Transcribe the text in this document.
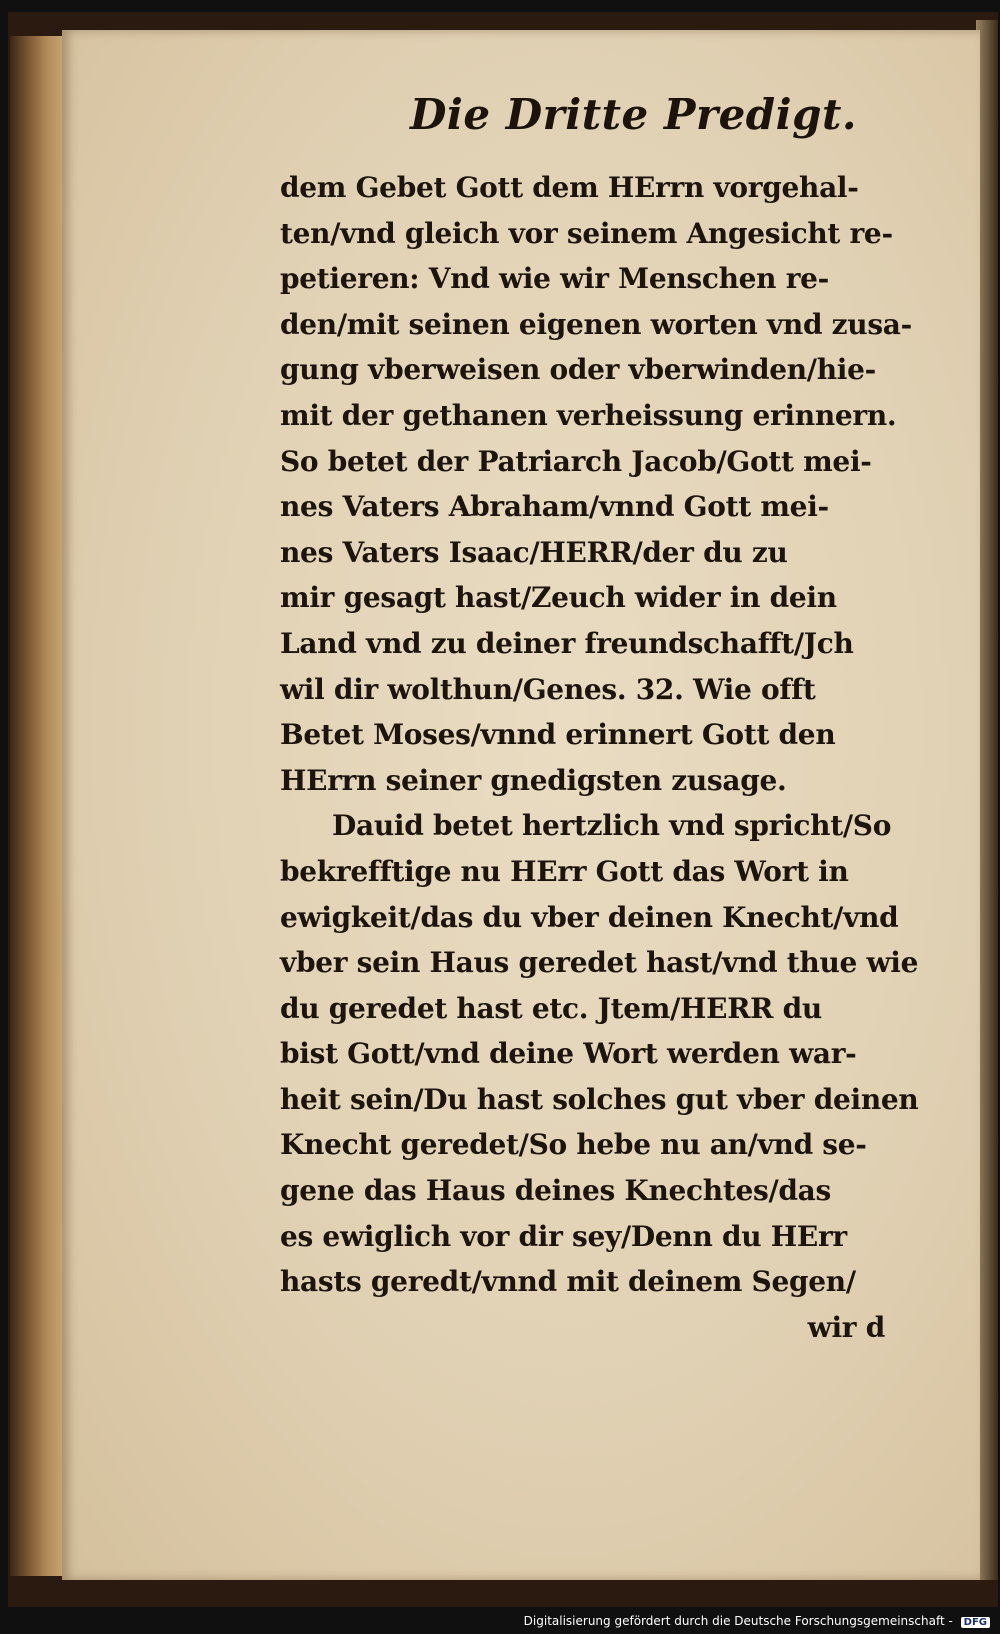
Die Dritte Predigt.
dem Gebet Gott dem HErrn vorgehal-
ten/vnd gleich vor seinem Angesicht re-
petieren: Vnd wie wir Menschen re-
den/mit seinen eigenen worten vnd zusa-
gung vberweisen oder vberwinden/hie-
mit der gethanen verheissung erinnern.
So betet der Patriarch Jacob/Gott mei-
nes Vaters Abraham/vnnd Gott mei-
nes Vaters Isaac/HERR/der du zu
mir gesagt hast/Zeuch wider in dein
Land vnd zu deiner freundschafft/Jch
wil dir wolthun/Genes. 32. Wie offt
Betet Moses/vnnd erinnert Gott den
HErrn seiner gnedigsten zusage.
Dauid betet hertzlich vnd spricht/So
bekrefftige nu HErr Gott das Wort in
ewigkeit/das du vber deinen Knecht/vnd
vber sein Haus geredet hast/vnd thue wie
du geredet hast etc. Jtem/HERR du
bist Gott/vnd deine Wort werden war-
heit sein/Du hast solches gut vber deinen
Knecht geredet/So hebe nu an/vnd se-
gene das Haus deines Knechtes/das
es ewiglich vor dir sey/Denn du HErr
hasts geredt/vnnd mit deinem Segen/
wir d
Digitalisierung gefördert durch die Deutsche Forschungsgemeinschaft - DFG
